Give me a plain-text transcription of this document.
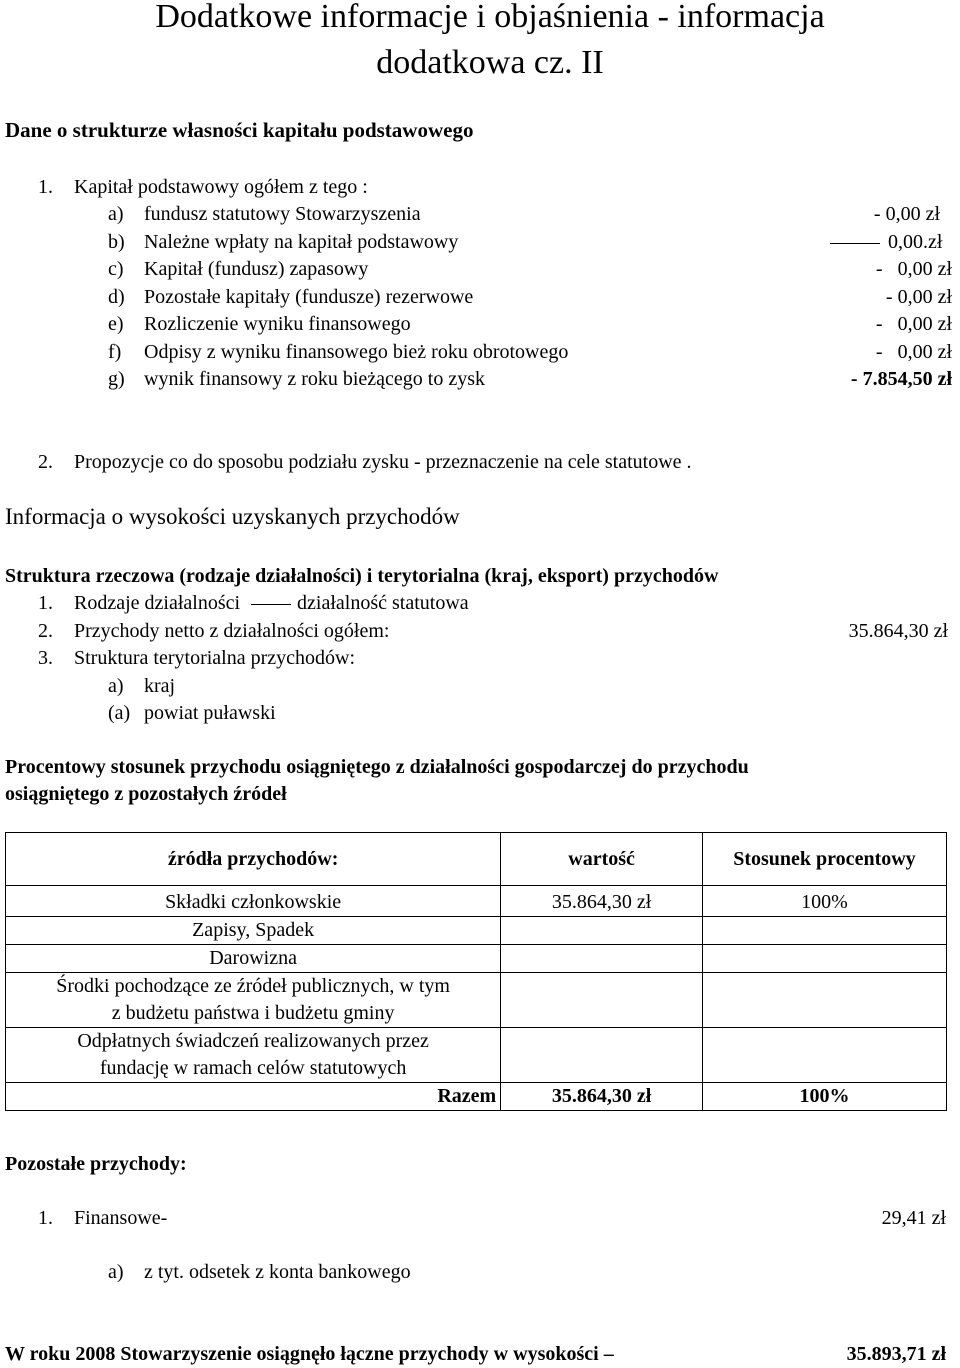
Dodatkowe informacje i objaśnienia - informacja
dodatkowa cz. II
Dane o strukturze własności kapitału podstawowego
1. Kapitał podstawowy ogółem z tego :
a) fundusz statutowy Stowarzyszenia	- 0,00 zł
b) Należne wpłaty na kapitał podstawowy	0,00.zł
c) Kapitał (fundusz) zapasowy	-   0,00 zł
d) Pozostałe kapitały (fundusze) rezerwowe	- 0,00 zł
e) Rozliczenie wyniku finansowego	-   0,00 zł
f) Odpisy z wyniku finansowego bież roku obrotowego	-   0,00 zł
g) wynik finansowy z roku bieżącego to zysk	- 7.854,50 zł
2. Propozycje co do sposobu podziału zysku - przeznaczenie na cele statutowe .
Informacja o wysokości uzyskanych przychodów
Struktura rzeczowa (rodzaje działalności) i terytorialna (kraj, eksport) przychodów
1. Rodzaje działalności	działalność statutowa
2. Przychody netto z działalności ogółem:	35.864,30 zł
3. Struktura terytorialna przychodów:
a) kraj
(a) powiat puławski
Procentowy stosunek przychodu osiągniętego z działalności gospodarczej do przychodu
osiągniętego z pozostałych źródeł
źródła przychodów:	wartość	Stosunek procentowy
Składki członkowskie	35.864,30 zł	100%
Zapisy, Spadek		
Darowizna		

Środki pochodzące ze źródeł publicznych, w tym
z budżetu państwa i budżetu gminy		

Odpłatnych świadczeń realizowanych przez
fundację w ramach celów statutowych		

Razem	35.864,30 zł	100%
Pozostałe przychody:
1. Finansowe-	29,41 zł
a) z tyt. odsetek z konta bankowego
W roku 2008 Stowarzyszenie osiągnęło łączne przychody w wysokości –	35.893,71 zł
